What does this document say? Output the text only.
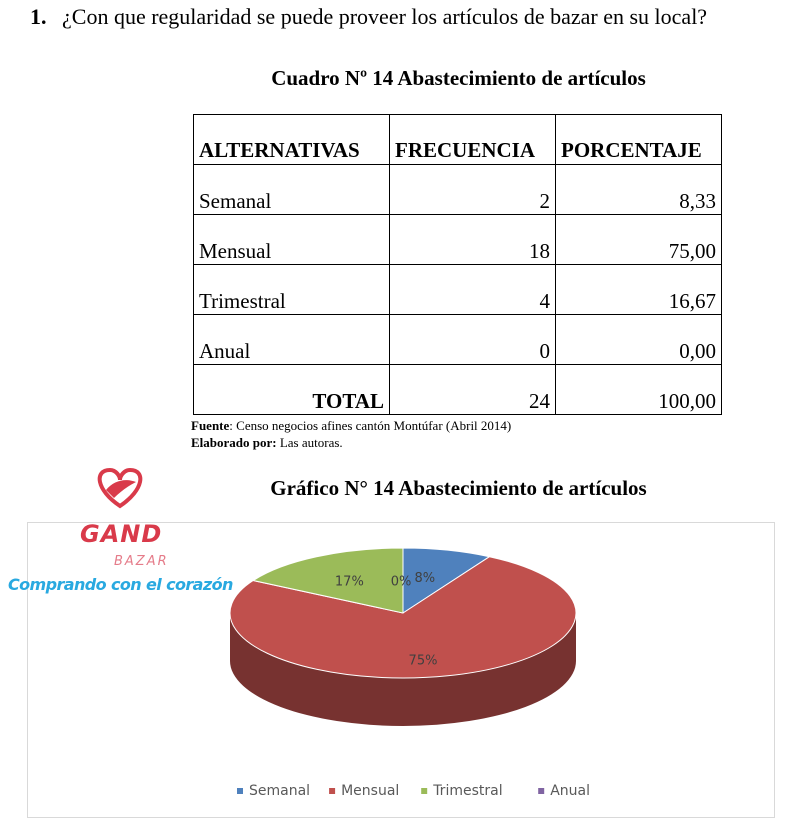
1. ¿Con que regularidad se puede proveer los artículos de bazar en su local?
Cuadro Nº 14 Abastecimiento de artículos
ALTERNATIVAS	FRECUENCIA	PORCENTAJE
Semanal	2	8,33
Mensual	18	75,00
Trimestral	4	16,67
Anual	0	0,00
TOTAL	24	100,00
Fuente: Censo negocios afines cantón Montúfar (Abril 2014)
Elaborado por: Las autoras.
Gráfico N° 14 Abastecimiento de artículos
8%
75%
17% 0%
Semanal Mensual Trimestral	Anual
GAND
BAZAR
Comprando con el corazón
